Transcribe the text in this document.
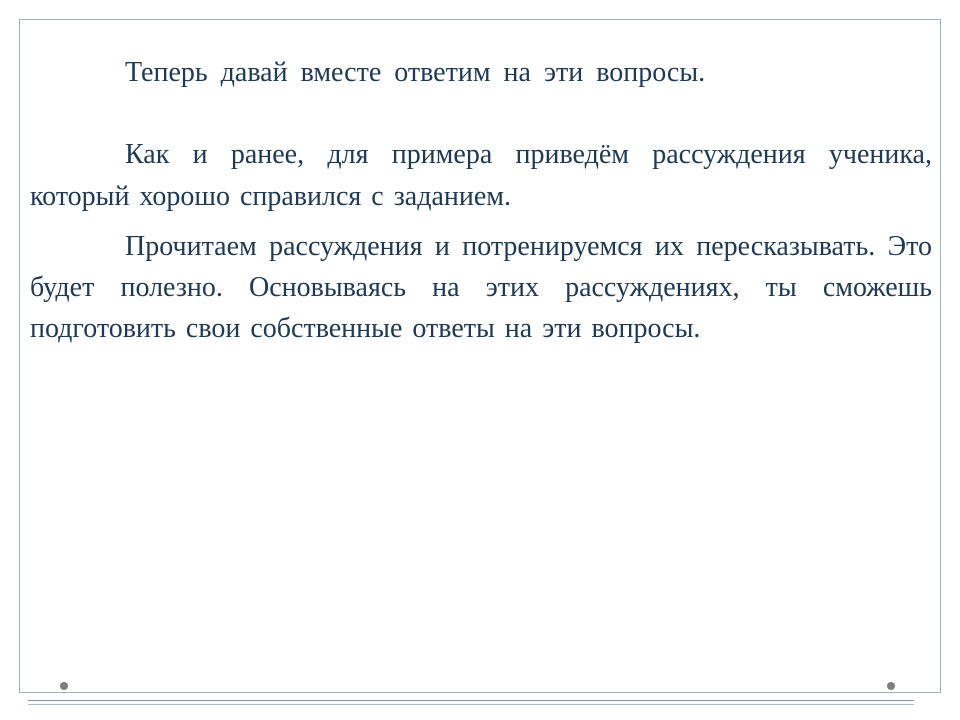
Теперь давай вместе ответим на эти вопросы.

Как и ранее, для примера приведём рассуждения ученика, который хорошо справился с заданием.

Прочитаем рассуждения и потренируемся их пересказывать. Это будет полезно. Основываясь на этих рассуждениях, ты сможешь подготовить свои собственные ответы на эти вопросы.
